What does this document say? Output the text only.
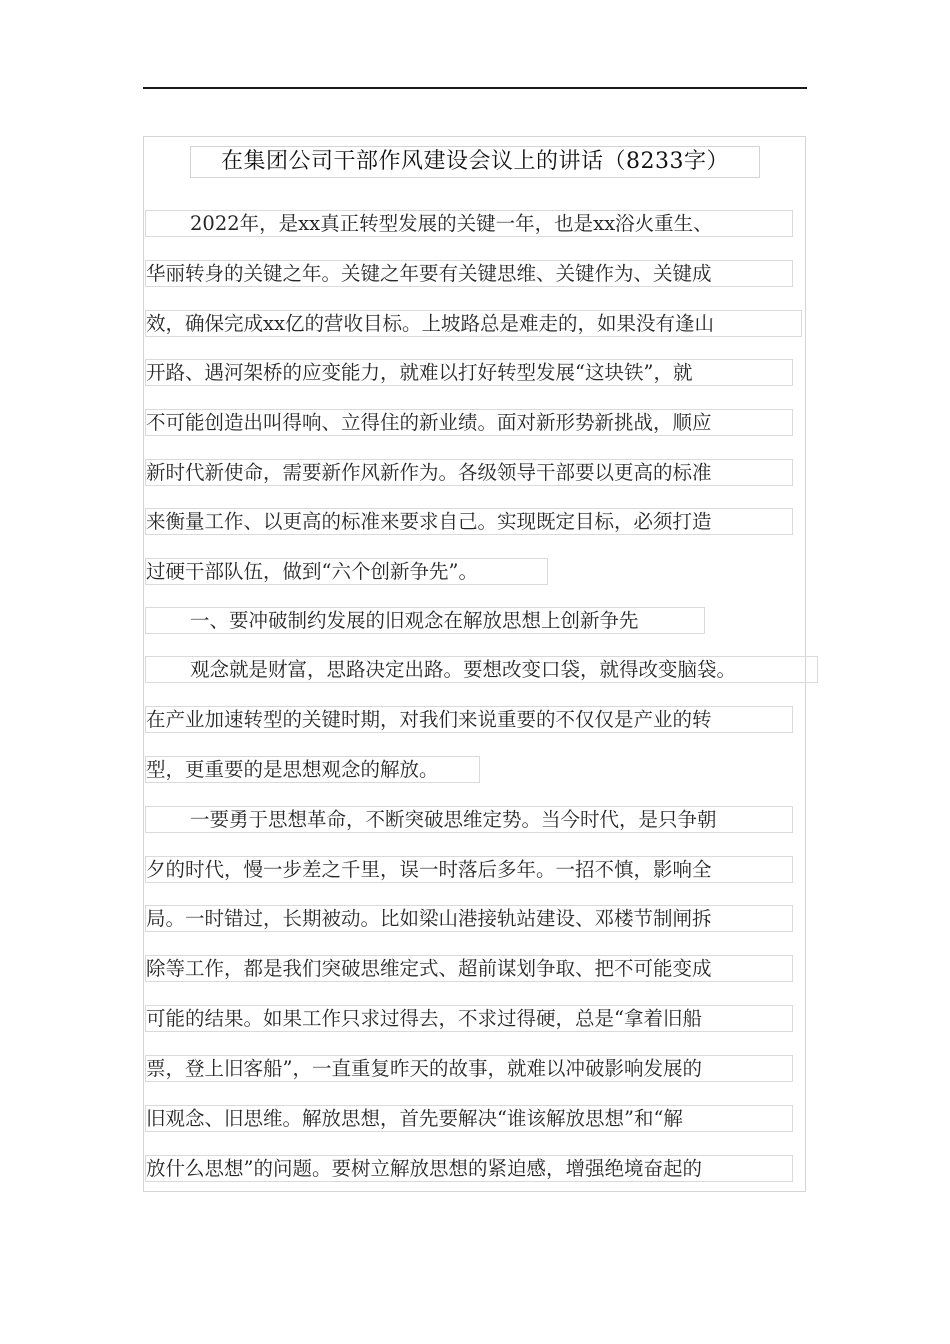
在集团公司干部作风建设会议上的讲话（8233字）
2022年，是xx真正转型发展的关键一年，也是xx浴火重生、
华丽转身的关键之年。关键之年要有关键思维、关键作为、关键成
效，确保完成xx亿的营收目标。上坡路总是难走的，如果没有逢山
开路、遇河架桥的应变能力，就难以打好转型发展“这块铁”，就
不可能创造出叫得响、立得住的新业绩。面对新形势新挑战，顺应
新时代新使命，需要新作风新作为。各级领导干部要以更高的标准
来衡量工作、以更高的标准来要求自己。实现既定目标，必须打造
过硬干部队伍，做到“六个创新争先”。
一、要冲破制约发展的旧观念在解放思想上创新争先
观念就是财富，思路决定出路。要想改变口袋，就得改变脑袋。
在产业加速转型的关键时期，对我们来说重要的不仅仅是产业的转
型，更重要的是思想观念的解放。
一要勇于思想革命，不断突破思维定势。当今时代，是只争朝
夕的时代，慢一步差之千里，误一时落后多年。一招不慎，影响全
局。一时错过，长期被动。比如梁山港接轨站建设、邓楼节制闸拆
除等工作，都是我们突破思维定式、超前谋划争取、把不可能变成
可能的结果。如果工作只求过得去，不求过得硬，总是“拿着旧船
票，登上旧客船”，一直重复昨天的故事，就难以冲破影响发展的
旧观念、旧思维。解放思想，首先要解决“谁该解放思想”和“解
放什么思想”的问题。要树立解放思想的紧迫感，增强绝境奋起的
